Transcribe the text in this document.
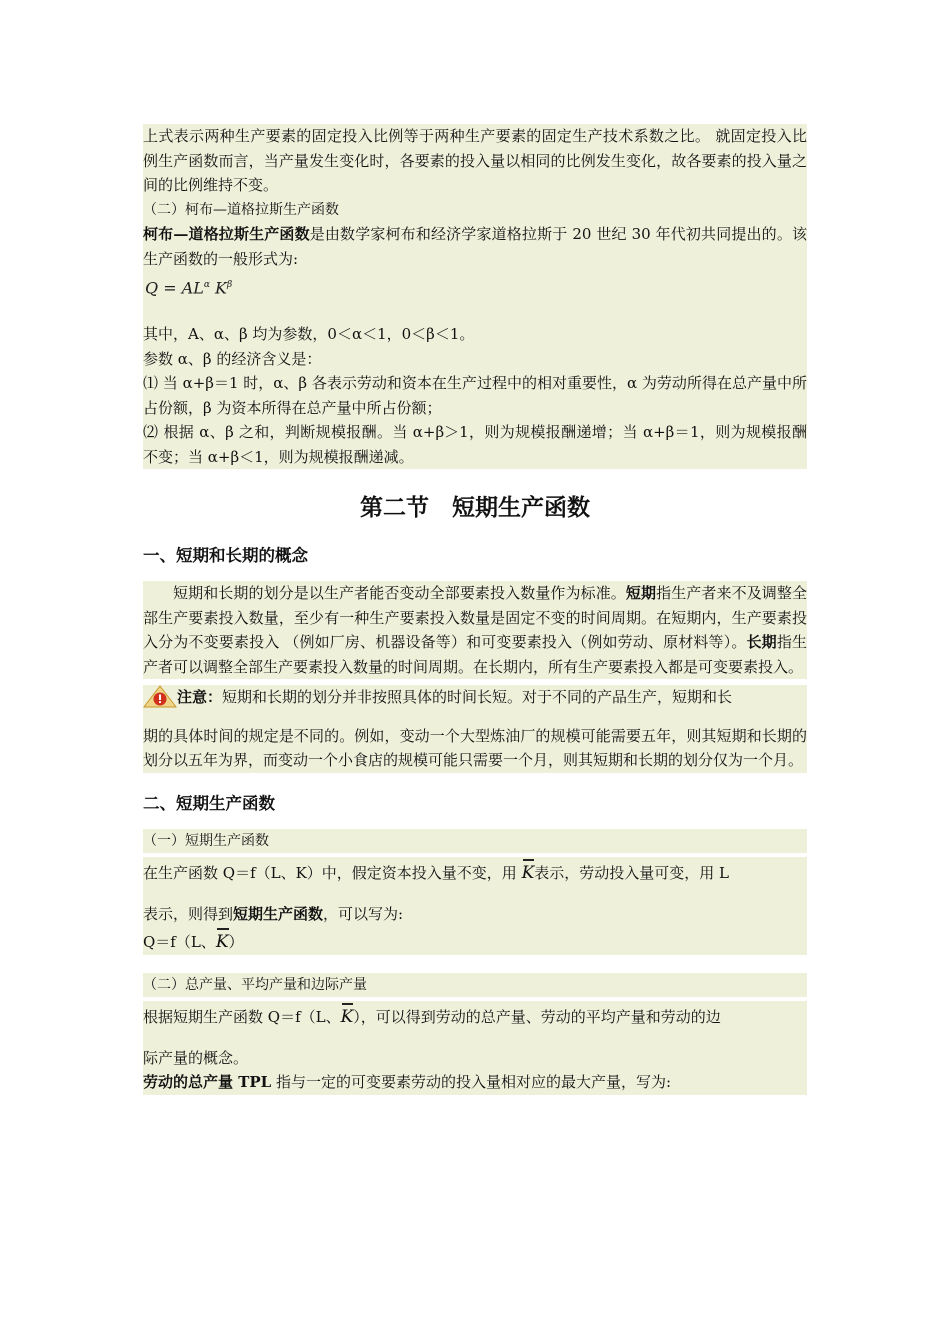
上式表示两种生产要素的固定投入比例等于两种生产要素的固定生产技术系数之比。 就固定投入比例生产函数而言，当产量发生变化时，各要素的投入量以相同的比例发生变化，故各要素的投入量之间的比例维持不变。

（二）柯布—道格拉斯生产函数

柯布—道格拉斯生产函数是由数学家柯布和经济学家道格拉斯于 20 世纪 30 年代初共同提出的。该生产函数的一般形式为:

$Q = AL^\alpha$ $K^\beta$

其中，A、α、β 均为参数，0＜α＜1，0＜β＜1。

参数 α、β 的经济含义是：

⑴ 当 α+β＝1 时，α、β 各表示劳动和资本在生产过程中的相对重要性，α 为劳动所得在总产量中所占份额，β 为资本所得在总产量中所占份额；

⑵ 根据 α、β 之和，判断规模报酬。当 α+β＞1，则为规模报酬递增；当 α+β＝1，则为规模报酬不变；当 α+β＜1，则为规模报酬递减。

第二节　短期生产函数
一、短期和长期的概念

短期和长期的划分是以生产者能否变动全部要素投入数量作为标准。短期指生产者来不及调整全部生产要素投入数量，至少有一种生产要素投入数量是固定不变的时间周期。在短期内，生产要素投入分为不变要素投入 （例如厂房、机器设备等）和可变要素投入（例如劳动、原材料等）。长期指生产者可以调整全部生产要素投入数量的时间周期。在长期内，所有生产要素投入都是可变要素投入。

注意：短期和长期的划分并非按照具体的时间长短。对于不同的产品生产，短期和长

期的具体时间的规定是不同的。例如，变动一个大型炼油厂的规模可能需要五年，则其短期和长期的划分以五年为界，而变动一个小食店的规模可能只需要一个月，则其短期和长期的划分仅为一个月。

二、短期生产函数

（一）短期生产函数

在生产函数 Q＝f（L、K）中，假定资本投入量不变，用 K表示，劳动投入量可变，用 L

表示，则得到短期生产函数，可以写为:

Q＝f（L、K）

（二）总产量、平均产量和边际产量

根据短期生产函数 Q＝f（L、K），可以得到劳动的总产量、劳动的平均产量和劳动的边

际产量的概念。

劳动的总产量 TPL 指与一定的可变要素劳动的投入量相对应的最大产量，写为:
